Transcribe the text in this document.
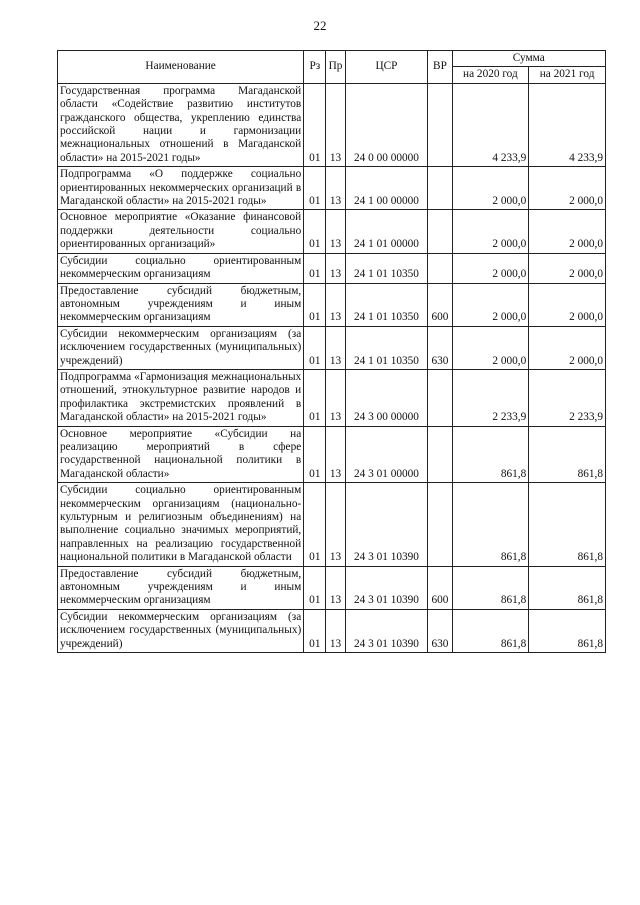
22
Наименование	Рз	Пр	ЦСР	ВР	Сумма	
					на 2020 год	на 2021 год
Государственная программа Магаданской области «Содействие развитию институтов гражданского общества, укреплению единства российской нации и гармонизации межнациональных отношений в Магаданской области» на 2015-2021 годы»	01	13	24 0 00 00000		4 233,9	4 233,9
Подпрограмма «О поддержке социально ориентированных некоммерческих организаций в Магаданской области» на 2015-2021 годы»	01	13	24 1 00 00000		2 000,0	2 000,0
Основное мероприятие «Оказание финансовой поддержки деятельности социально ориентированных организаций»	01	13	24 1 01 00000		2 000,0	2 000,0
Субсидии социально ориентированным некоммерческим организациям	01	13	24 1 01 10350		2 000,0	2 000,0
Предоставление субсидий бюджетным, автономным учреждениям и иным некоммерческим организациям	01	13	24 1 01 10350	600	2 000,0	2 000,0
Субсидии некоммерческим организациям (за исключением государственных (муниципальных) учреждений)	01	13	24 1 01 10350	630	2 000,0	2 000,0
Подпрограмма «Гармонизация межнациональных отношений, этнокультурное развитие народов и профилактика экстремистских проявлений в Магаданской области» на 2015-2021 годы»	01	13	24 3 00 00000		2 233,9	2 233,9
Основное мероприятие «Субсидии на реализацию мероприятий в сфере государственной национальной политики в Магаданской области»	01	13	24 3 01 00000		861,8	861,8
Субсидии социально ориентированным некоммерческим организациям (национально-культурным и религиозным объединениям) на выполнение социально значимых мероприятий, направленных на реализацию государственной национальной политики в Магаданской области	01	13	24 3 01 10390		861,8	861,8
Предоставление субсидий бюджетным, автономным учреждениям и иным некоммерческим организациям	01	13	24 3 01 10390	600	861,8	861,8
Субсидии некоммерческим организациям (за исключением государственных (муниципальных) учреждений)	01	13	24 3 01 10390	630	861,8	861,8
